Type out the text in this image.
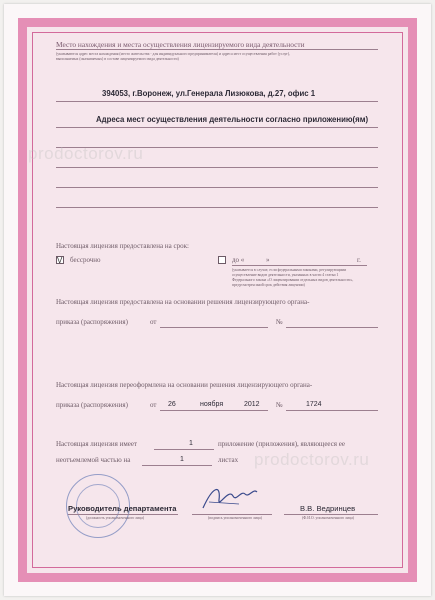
Место нахождения и места осуществления лицензируемого вида деятельности
(указываются адрес места нахождения (место жительства - для индивидуального предпринимателя) и адреса мест осуществления работ (услуг),
выполняемых (оказываемых) в составе лицензируемого вида деятельности)
394053, г.Воронеж, ул.Генерала Лизюкова, д.27, офис 1
Адреса мест осуществления деятельности согласно приложению(ям)
prodoctorov.ru
Настоящая лицензия предоставлена на срок:
V бессрочно	до «	»	г.
(указывается в случае, если федеральными законами, регулирующими
осуществление видов деятельности, указанных в части 4 статьи 1
Федерального закона «О лицензировании отдельных видов деятельности»,
предусмотрен иной срок действия лицензии)
Настоящая лицензия предоставлена на основании решения лицензирующего органа-
приказа (распоряжения)	от	№
Настоящая лицензия переоформлена на основании решения лицензирующего органа-
приказа (распоряжения)	от 26	ноября	2012 №	1724
Настоящая лицензия имеет	1	приложение (приложения), являющееся ее
неотъемлемой частью на	1	листах prodoctorov.ru
Руководитель департамента
(должность уполномоченного лица)	(подпись уполномоченного лица)
В.В. Ведринцев
(Ф.И.О. уполномоченного лица)
